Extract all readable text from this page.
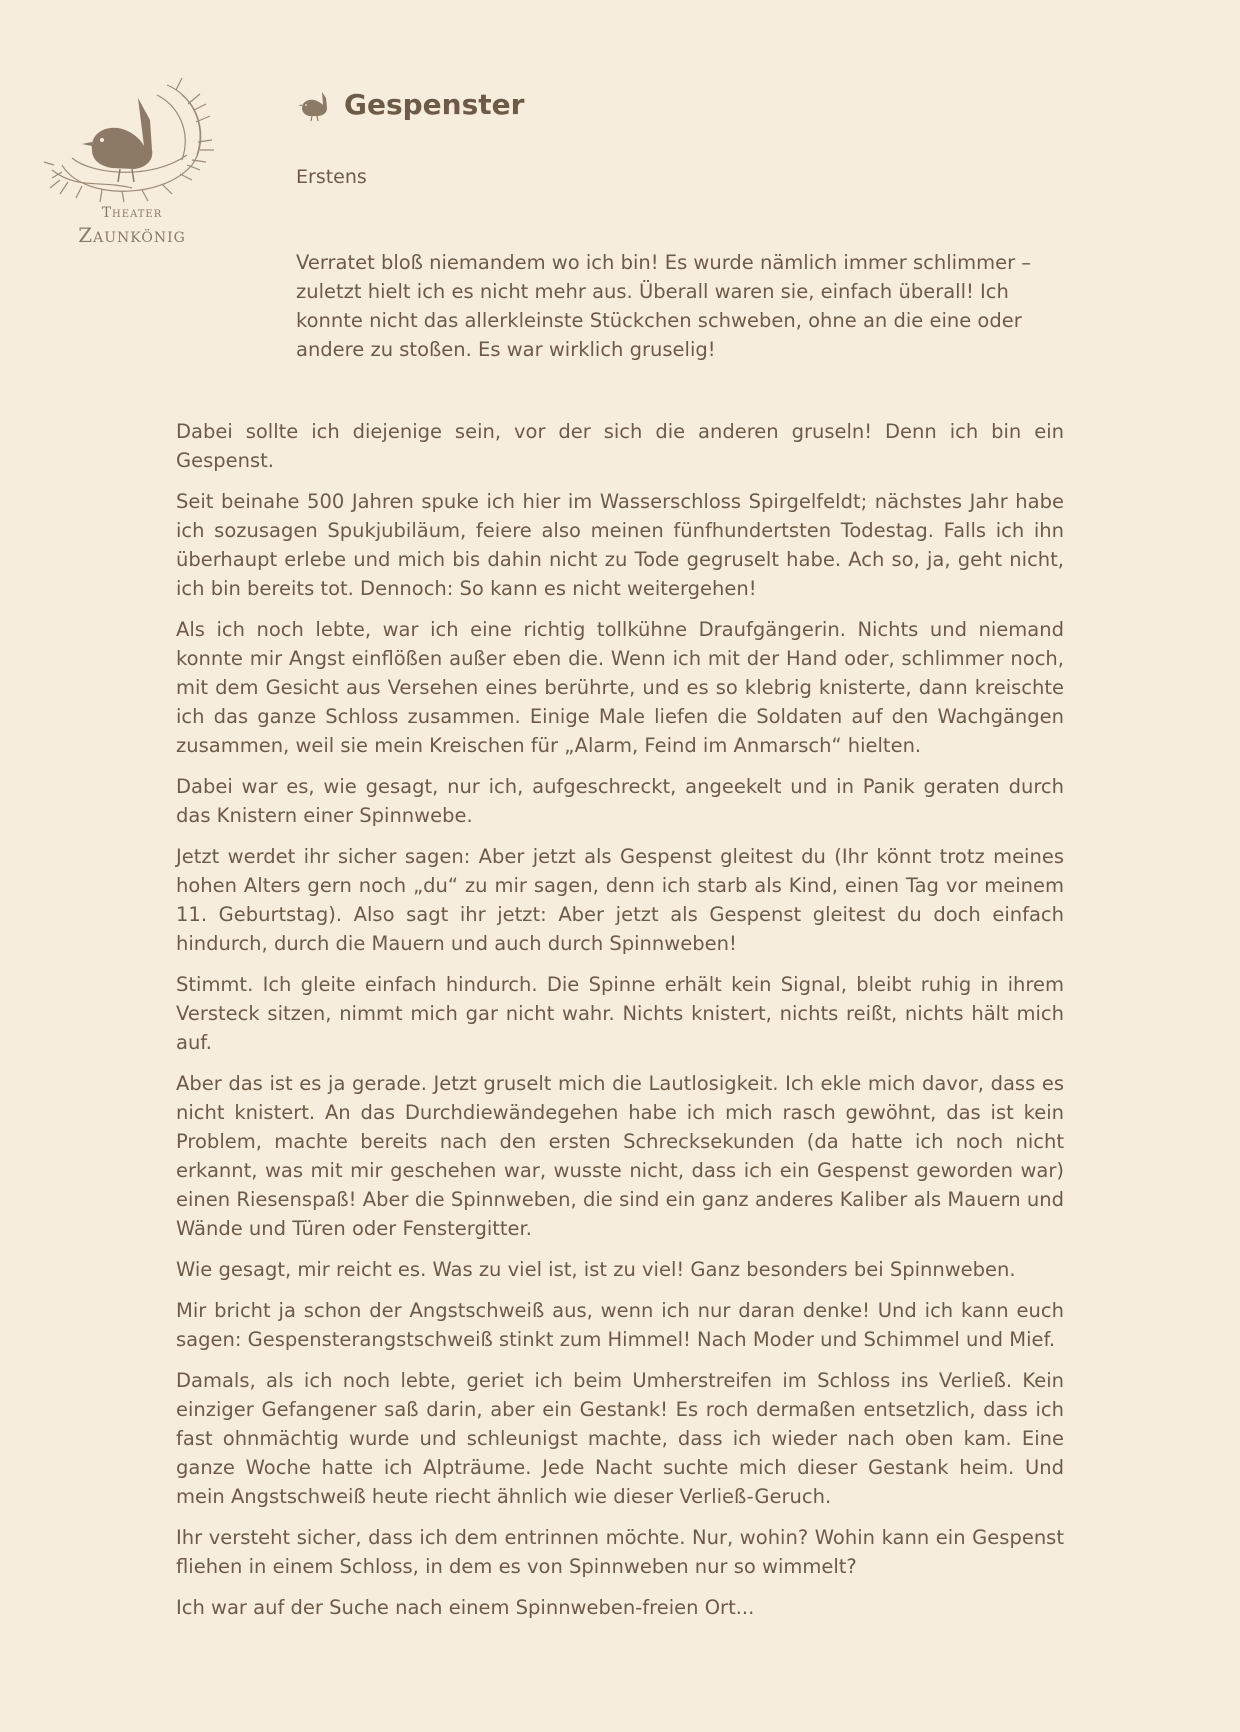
Theater
Zaunkönig
Gespenster
Erstens

Verratet bloß niemandem wo ich bin! Es wurde nämlich immer schlimmer – zuletzt hielt ich es nicht mehr aus. Überall waren sie, einfach überall! Ich konnte nicht das allerkleinste Stückchen schweben, ohne an die eine oder andere zu stoßen. Es war wirklich gruselig!

Dabei sollte ich diejenige sein, vor der sich die anderen gruseln! Denn ich bin ein Gespenst.

Seit beinahe 500 Jahren spuke ich hier im Wasserschloss Spirgelfeldt; nächstes Jahr habe ich sozusagen Spukjubiläum, feiere also meinen fünfhundertsten Todestag. Falls ich ihn überhaupt erlebe und mich bis dahin nicht zu Tode gegruselt habe. Ach so, ja, geht nicht, ich bin bereits tot. Dennoch: So kann es nicht weitergehen!

Als ich noch lebte, war ich eine richtig tollkühne Draufgängerin. Nichts und niemand konnte mir Angst einflößen außer eben die. Wenn ich mit der Hand oder, schlimmer noch, mit dem Gesicht aus Versehen eines berührte, und es so klebrig knisterte, dann kreischte ich das ganze Schloss zusammen. Einige Male liefen die Soldaten auf den Wachgängen zusammen, weil sie mein Kreischen für „Alarm, Feind im Anmarsch“ hielten.

Dabei war es, wie gesagt, nur ich, aufgeschreckt, angeekelt und in Panik geraten durch das Knistern einer Spinnwebe.

Jetzt werdet ihr sicher sagen: Aber jetzt als Gespenst gleitest du (Ihr könnt trotz meines hohen Alters gern noch „du“ zu mir sagen, denn ich starb als Kind, einen Tag vor meinem 11. Geburtstag). Also sagt ihr jetzt: Aber jetzt als Gespenst gleitest du doch einfach hindurch, durch die Mauern und auch durch Spinnweben!

Stimmt. Ich gleite einfach hindurch. Die Spinne erhält kein Signal, bleibt ruhig in ihrem Versteck sitzen, nimmt mich gar nicht wahr. Nichts knistert, nichts reißt, nichts hält mich auf.

Aber das ist es ja gerade. Jetzt gruselt mich die Lautlosigkeit. Ich ekle mich davor, dass es nicht knistert. An das Durchdiewändegehen habe ich mich rasch gewöhnt, das ist kein Problem, machte bereits nach den ersten Schrecksekunden (da hatte ich noch nicht erkannt, was mit mir geschehen war, wusste nicht, dass ich ein Gespenst geworden war) einen Riesenspaß! Aber die Spinnweben, die sind ein ganz anderes Kaliber als Mauern und Wände und Türen oder Fenstergitter.

Wie gesagt, mir reicht es. Was zu viel ist, ist zu viel! Ganz besonders bei Spinnweben.

Mir bricht ja schon der Angstschweiß aus, wenn ich nur daran denke! Und ich kann euch sagen: Gespensterangstschweiß stinkt zum Himmel! Nach Moder und Schimmel und Mief.

Damals, als ich noch lebte, geriet ich beim Umherstreifen im Schloss ins Verließ. Kein einziger Gefangener saß darin, aber ein Gestank! Es roch dermaßen entsetzlich, dass ich fast ohnmächtig wurde und schleunigst machte, dass ich wieder nach oben kam. Eine ganze Woche hatte ich Alpträume. Jede Nacht suchte mich dieser Gestank heim. Und mein Angstschweiß heute riecht ähnlich wie dieser Verließ-Geruch.

Ihr versteht sicher, dass ich dem entrinnen möchte. Nur, wohin? Wohin kann ein Gespenst fliehen in einem Schloss, in dem es von Spinnweben nur so wimmelt?

Ich war auf der Suche nach einem Spinnweben-freien Ort...
